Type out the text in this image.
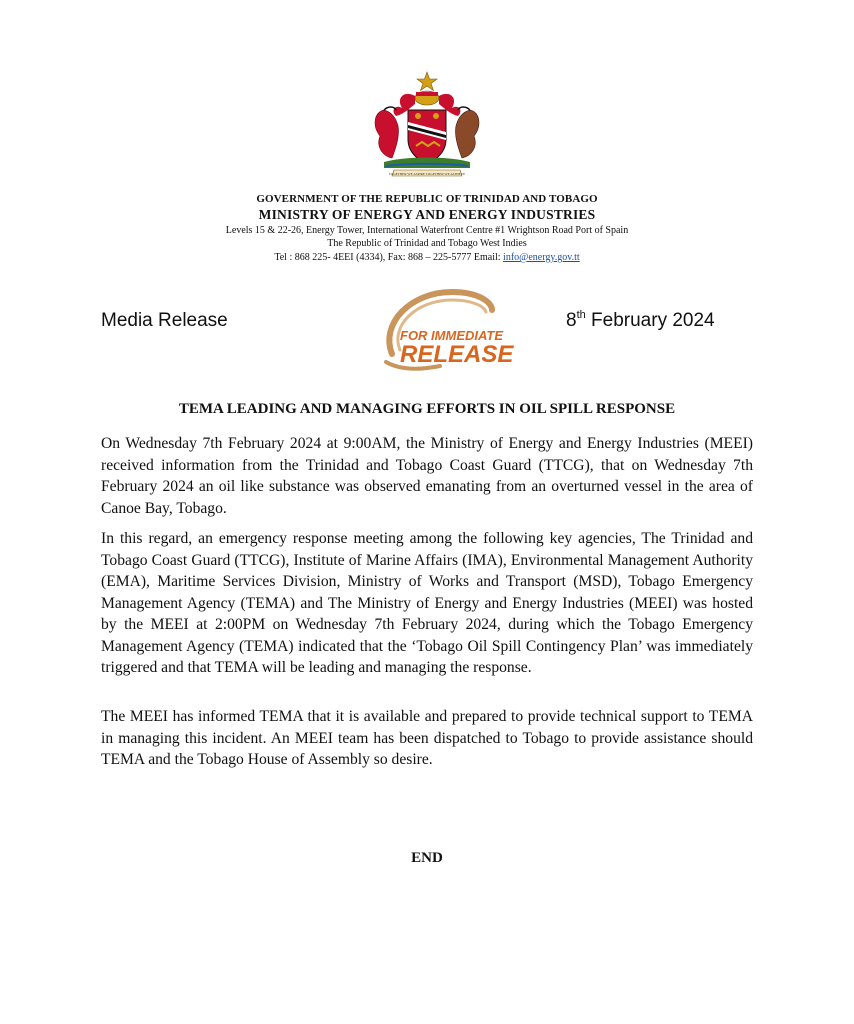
TOGETHER WE ASPIRE TOGETHER WE ACHIEVE
GOVERNMENT OF THE REPUBLIC OF TRINIDAD AND TOBAGO
MINISTRY OF ENERGY AND ENERGY INDUSTRIES
Levels 15 & 22-26, Energy Tower, International Waterfront Centre #1 Wrightson Road Port of Spain
The Republic of Trinidad and Tobago West Indies
Tel : 868 225- 4EEI (4334), Fax: 868 – 225-5777 Email: info@energy.gov.tt
Media Release
FOR IMMEDIATE
RELEASE
8th February 2024
TEMA LEADING AND MANAGING EFFORTS IN OIL SPILL RESPONSE

On Wednesday 7th February 2024 at 9:00AM, the Ministry of Energy and Energy Industries (MEEI) received information from the Trinidad and Tobago Coast Guard (TTCG), that on Wednesday 7th February 2024 an oil like substance was observed emanating from an overturned vessel in the area of Canoe Bay, Tobago.

In this regard, an emergency response meeting among the following key agencies, The Trinidad and Tobago Coast Guard (TTCG), Institute of Marine Affairs (IMA), Environmental Management Authority (EMA), Maritime Services Division, Ministry of Works and Transport (MSD), Tobago Emergency Management Agency (TEMA) and The Ministry of Energy and Energy Industries (MEEI) was hosted by the MEEI at 2:00PM on Wednesday 7th February 2024, during which the Tobago Emergency Management Agency (TEMA) indicated that the ‘Tobago Oil Spill Contingency Plan’ was immediately triggered and that TEMA will be leading and managing the response.

The MEEI has informed TEMA that it is available and prepared to provide technical support to TEMA in managing this incident. An MEEI team has been dispatched to Tobago to provide assistance should TEMA and the Tobago House of Assembly so desire.

END
